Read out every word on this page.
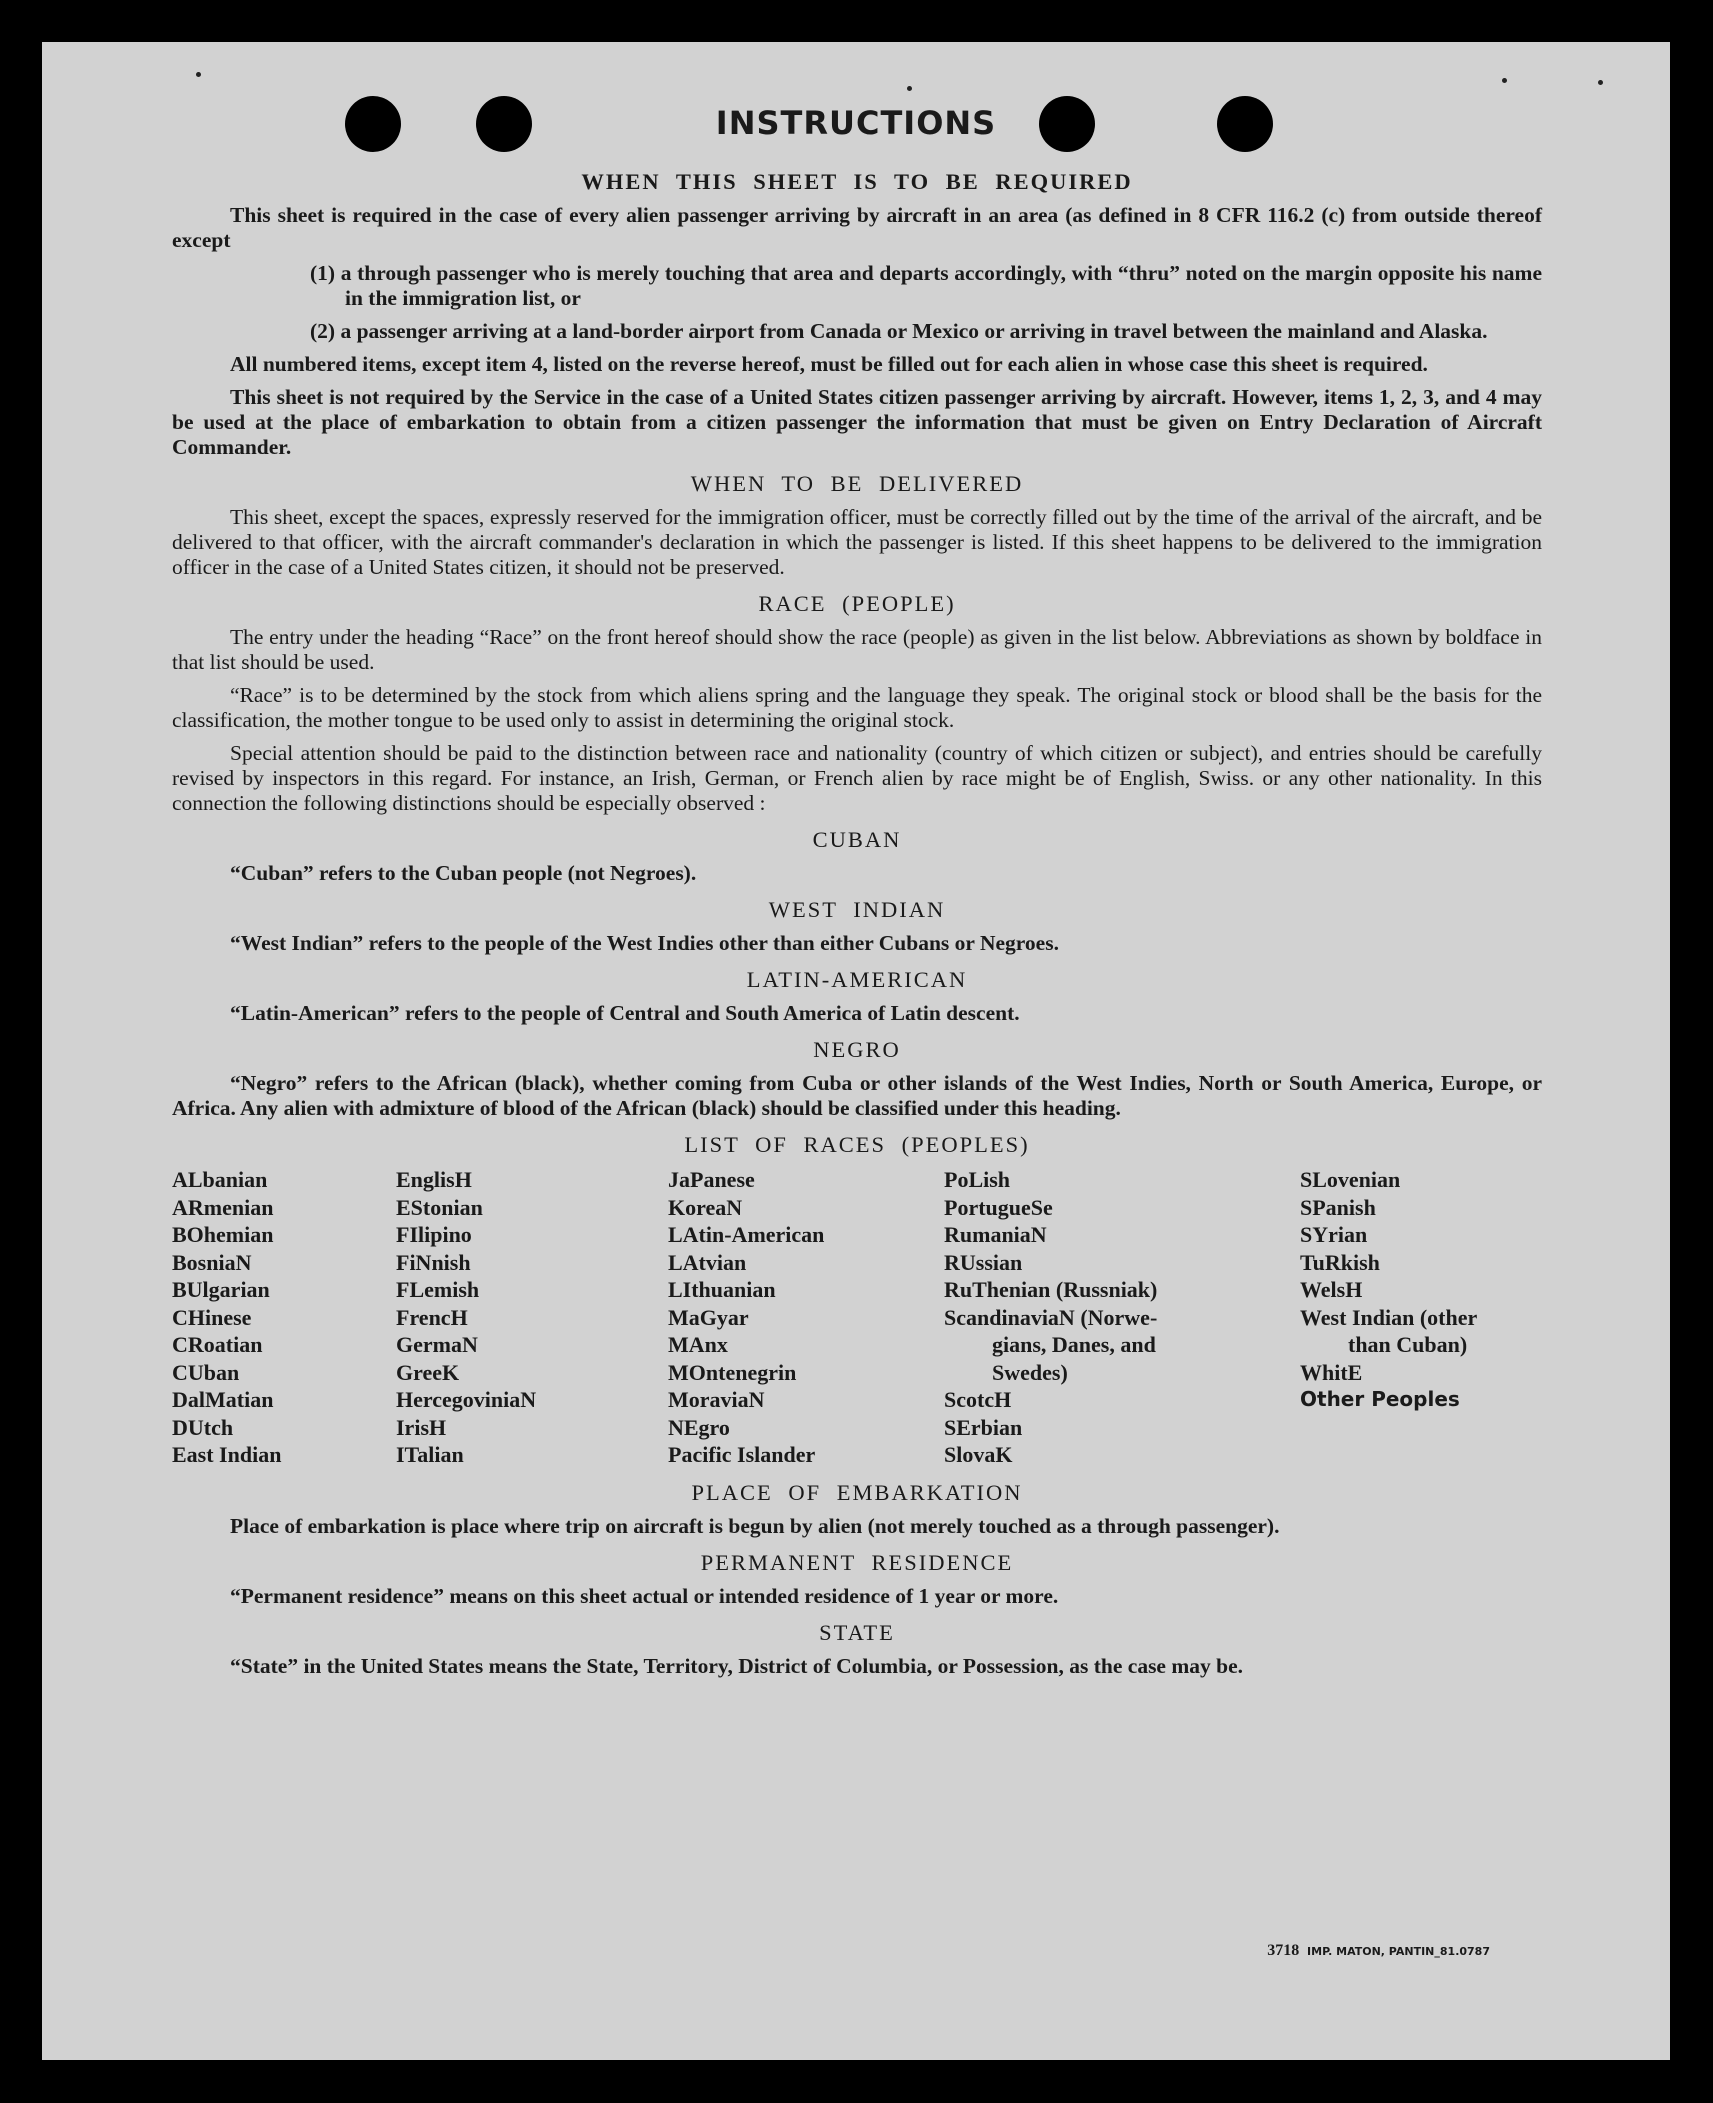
INSTRUCTIONS
WHEN THIS SHEET IS TO BE REQUIRED

This sheet is required in the case of every alien passenger arriving by aircraft in an area (as defined in 8 CFR 116.2 (c) from outside thereof except

(1) a through passenger who is merely touching that area and departs accordingly, with “thru” noted on the margin opposite his name in the immigration list, or
(2) a passenger arriving at a land-border airport from Canada or Mexico or arriving in travel between the mainland and Alaska.

All numbered items, except item 4, listed on the reverse hereof, must be filled out for each alien in whose case this sheet is required.

This sheet is not required by the Service in the case of a United States citizen passenger arriving by aircraft. However, items 1, 2, 3, and 4 may be used at the place of embarkation to obtain from a citizen passenger the information that must be given on Entry Declaration of Aircraft Commander.

WHEN TO BE DELIVERED

This sheet, except the spaces, expressly reserved for the immigration officer, must be correctly filled out by the time of the arrival of the aircraft, and be delivered to that officer, with the aircraft commander's declaration in which the passenger is listed. If this sheet happens to be delivered to the immigration officer in the case of a United States citizen, it should not be preserved.

RACE (PEOPLE)

The entry under the heading “Race” on the front hereof should show the race (people) as given in the list below. Abbreviations as shown by boldface in that list should be used.

“Race” is to be determined by the stock from which aliens spring and the language they speak. The original stock or blood shall be the basis for the classification, the mother tongue to be used only to assist in determining the original stock.

Special attention should be paid to the distinction between race and nationality (country of which citizen or subject), and entries should be carefully revised by inspectors in this regard. For instance, an Irish, German, or French alien by race might be of English, Swiss. or any other nationality. In this connection the following distinctions should be especially observed :

CUBAN

“Cuban” refers to the Cuban people (not Negroes).

WEST INDIAN

“West Indian” refers to the people of the West Indies other than either Cubans or Negroes.

LATIN-AMERICAN

“Latin-American” refers to the people of Central and South America of Latin descent.

NEGRO

“Negro” refers to the African (black), whether coming from Cuba or other islands of the West Indies, North or South America, Europe, or Africa. Any alien with admixture of blood of the African (black) should be classified under this heading.

LIST OF RACES (PEOPLES)
ALbanian
ARmenian
BOhemian
BosniaN
BUlgarian
CHinese
CRoatian
CUban
DalMatian
DUtch
East Indian
EnglisH
EStonian
FIlipino
FiNnish
FLemish
FrencH
GermaN
GreeK
HercegoviniaN
IrisH
ITalian
JaPanese
KoreaN
LAtin-American
LAtvian
LIthuanian
MaGyar
MAnx
MOntenegrin
MoraviaN
NEgro
Pacific Islander
PoLish
PortugueSe
RumaniaN
RUssian
RuThenian (Russniak)
ScandinaviaN (Norwe-
gians, Danes, and
Swedes)
ScotcH
SErbian
SlovaK
SLovenian
SPanish
SYrian
TuRkish
WelsH
West Indian (other
than Cuban)
WhitE
Other Peoples
PLACE OF EMBARKATION

Place of embarkation is place where trip on aircraft is begun by alien (not merely touched as a through passenger).

PERMANENT RESIDENCE

“Permanent residence” means on this sheet actual or intended residence of 1 year or more.

STATE

“State” in the United States means the State, Territory, District of Columbia, or Possession, as the case may be.

3718 IMP. MATON, PANTIN_81.0787
